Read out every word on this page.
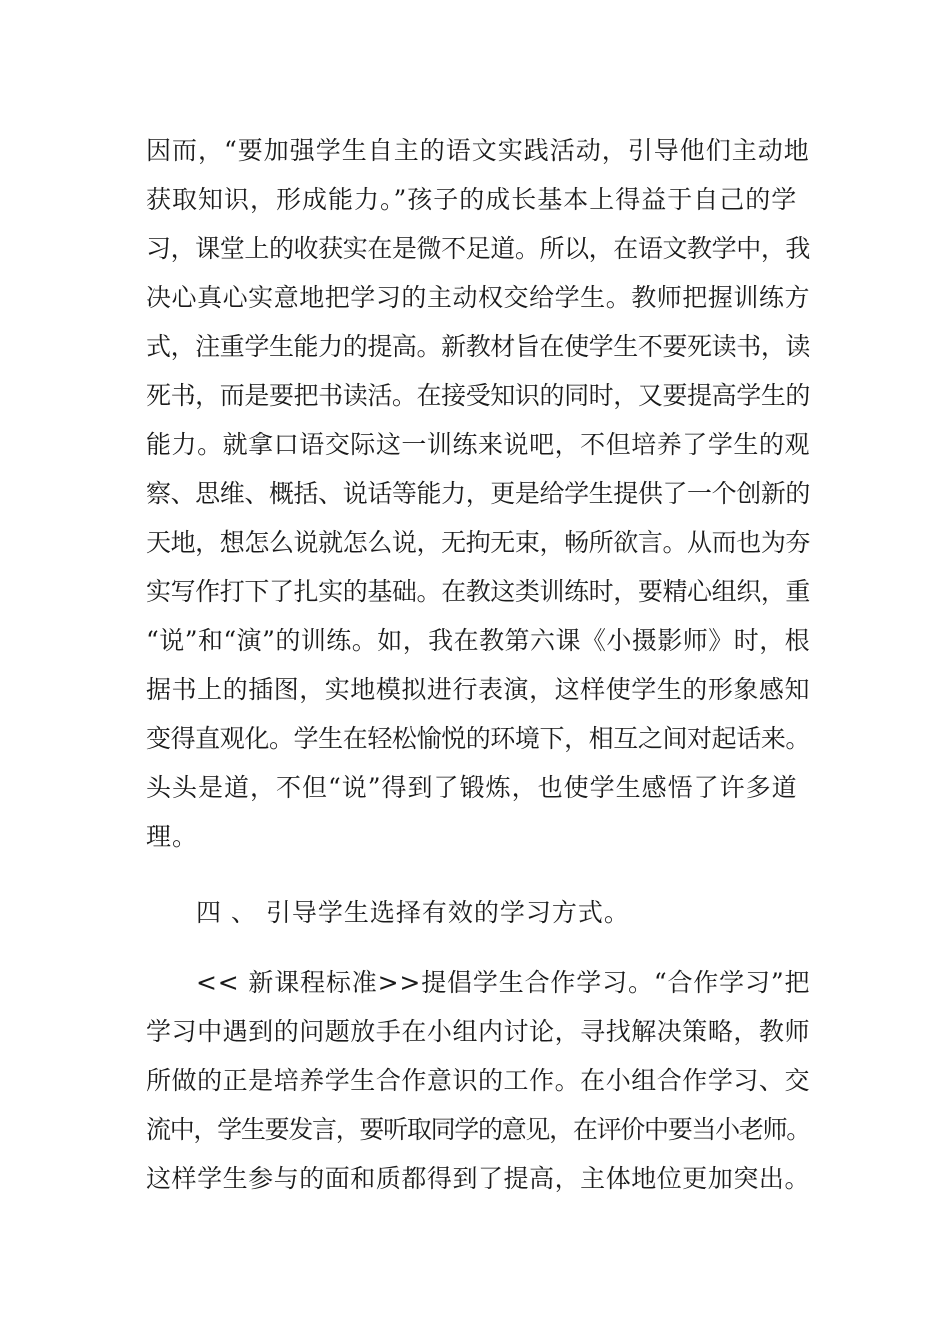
因而，“要加强学生自主的语文实践活动，引导他们主动地
获取知识，形成能力。”孩子的成长基本上得益于自己的学
习，课堂上的收获实在是微不足道。所以，在语文教学中，我
决心真心实意地把学习的主动权交给学生。教师把握训练方
式，注重学生能力的提高。新教材旨在使学生不要死读书，读
死书，而是要把书读活。在接受知识的同时，又要提高学生的
能力。就拿口语交际这一训练来说吧，不但培养了学生的观
察、思维、概括、说话等能力，更是给学生提供了一个创新的
天地，想怎么说就怎么说，无拘无束，畅所欲言。从而也为夯
实写作打下了扎实的基础。在教这类训练时，要精心组织，重
“说”和“演”的训练。如，我在教第六课《小摄影师》时，根
据书上的插图，实地模拟进行表演，这样使学生的形象感知
变得直观化。学生在轻松愉悦的环境下，相互之间对起话来。
头头是道，不但“说”得到了锻炼，也使学生感悟了许多道
理。
四 、 引导学生选择有效的学习方式。
<< 新课程标准>>提倡学生合作学习。“合作学习”把
学习中遇到的问题放手在小组内讨论，寻找解决策略，教师
所做的正是培养学生合作意识的工作。在小组合作学习、交
流中，学生要发言，要听取同学的意见，在评价中要当小老师。
这样学生参与的面和质都得到了提高，主体地位更加突出。
